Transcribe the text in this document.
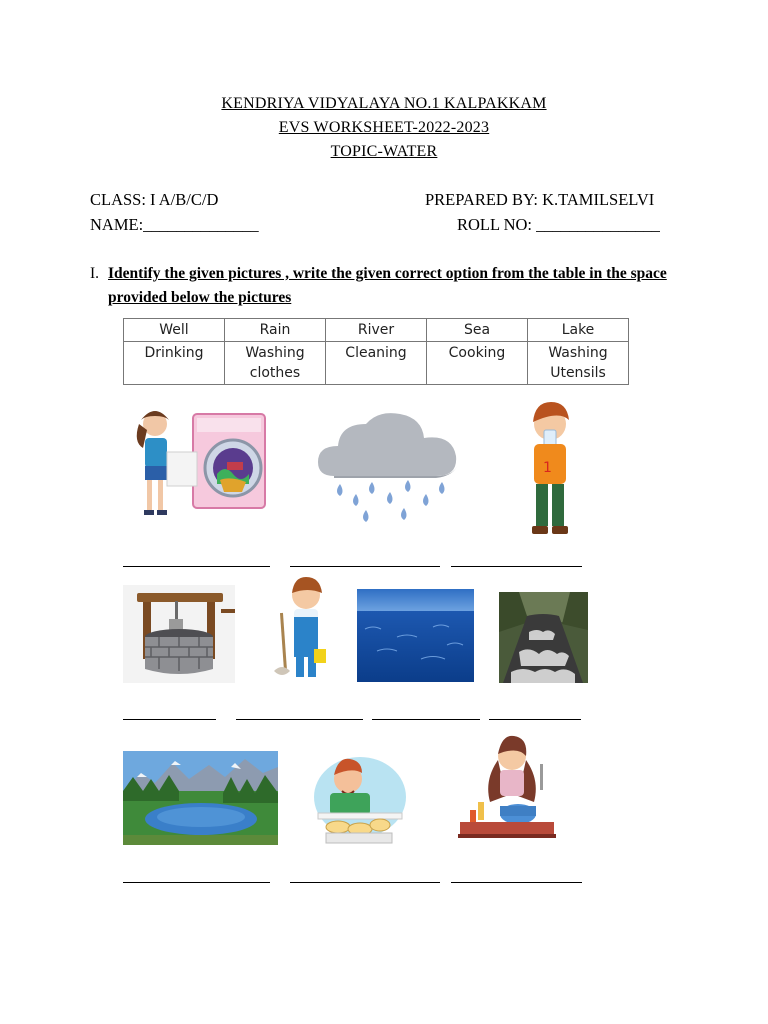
KENDRIYA VIDYALAYA NO.1 KALPAKKAM
EVS WORKSHEET-2022-2023
TOPIC-WATER
CLASS: I A/B/C/D	PREPARED BY: K.TAMILSELVI
NAME:______________	ROLL NO: _______________
I. Identify the given pictures , write the given correct option from the table in the space provided below the pictures
Well	Rain	River	Sea	Lake
Drinking	Washing clothes	Cleaning	Cooking	Washing Utensils
1
